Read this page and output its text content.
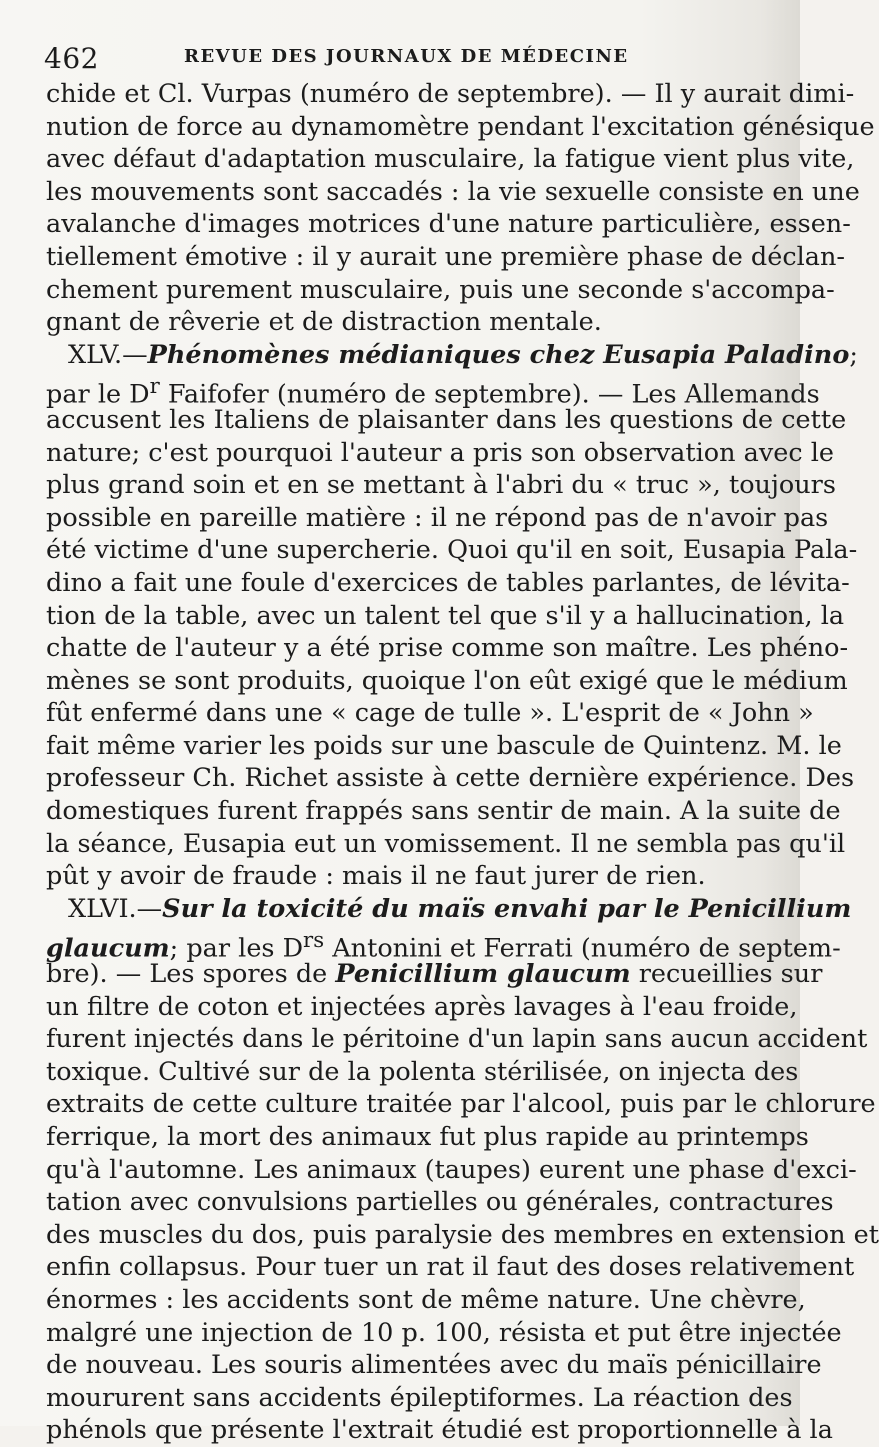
462	REVUE DES JOURNAUX DE MÉDECINE
chide et Cl. Vurpas (numéro de septembre). — Il y aurait dimi-
nution de force au dynamomètre pendant l'excitation génésique
avec défaut d'adaptation musculaire, la fatigue vient plus vite,
les mouvements sont saccadés : la vie sexuelle consiste en une
avalanche d'images motrices d'une nature particulière, essen-
tiellement émotive : il y aurait une première phase de déclan-
chement purement musculaire, puis une seconde s'accompa-
gnant de rêverie et de distraction mentale.
XLV.—Phénomènes médianiques chez Eusapia Paladino;
par le $D^r$ Faifofer (numéro de septembre). — Les Allemands
accusent les Italiens de plaisanter dans les questions de cette
nature; c'est pourquoi l'auteur a pris son observation avec le
plus grand soin et en se mettant à l'abri du « truc », toujours
possible en pareille matière : il ne répond pas de n'avoir pas
été victime d'une supercherie. Quoi qu'il en soit, Eusapia Pala-
dino a fait une foule d'exercices de tables parlantes, de lévita-
tion de la table, avec un talent tel que s'il y a hallucination, la
chatte de l'auteur y a été prise comme son maître. Les phéno-
mènes se sont produits, quoique l'on eût exigé que le médium
fût enfermé dans une « cage de tulle ». L'esprit de « John »
fait même varier les poids sur une bascule de Quintenz. M. le
professeur Ch. Richet assiste à cette dernière expérience. Des
domestiques furent frappés sans sentir de main. A la suite de
la séance, Eusapia eut un vomissement. Il ne sembla pas qu'il
pût y avoir de fraude : mais il ne faut jurer de rien.
XLVI.—Sur la toxicité du maïs envahi par le Penicillium
glaucum; par les $D^{rs}$ Antonini et Ferrati (numéro de septem-
bre). — Les spores de Penicillium glaucum recueillies sur
un filtre de coton et injectées après lavages à l'eau froide,
furent injectés dans le péritoine d'un lapin sans aucun accident
toxique. Cultivé sur de la polenta stérilisée, on injecta des
extraits de cette culture traitée par l'alcool, puis par le chlorure
ferrique, la mort des animaux fut plus rapide au printemps
qu'à l'automne. Les animaux (taupes) eurent une phase d'exci-
tation avec convulsions partielles ou générales, contractures
des muscles du dos, puis paralysie des membres en extension et
enfin collapsus. Pour tuer un rat il faut des doses relativement
énormes : les accidents sont de même nature. Une chèvre,
malgré une injection de 10 p. 100, résista et put être injectée
de nouveau. Les souris alimentées avec du maïs pénicillaire
moururent sans accidents épileptiformes. La réaction des
phénols que présente l'extrait étudié est proportionnelle à la
